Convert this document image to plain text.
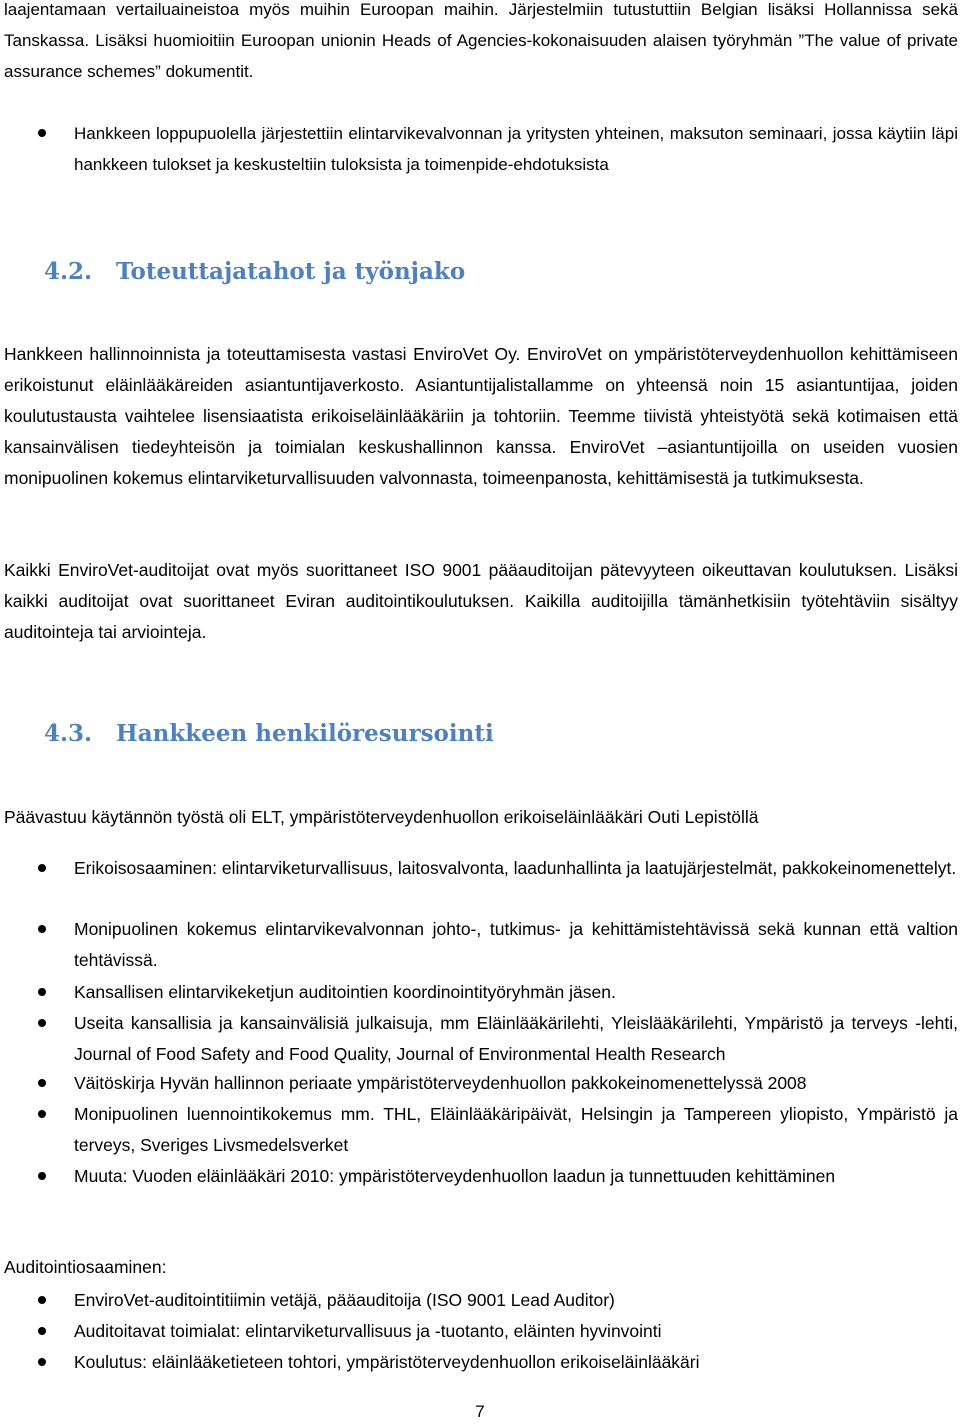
laajentamaan vertailuaineistoa myös muihin Euroopan maihin. Järjestelmiin tutustuttiin Belgian lisäksi Hollannissa sekä Tanskassa. Lisäksi huomioitiin Euroopan unionin Heads of Agencies-kokonaisuuden alaisen työryhmän ”The value of private assurance schemes” dokumentit.

Hankkeen loppupuolella järjestettiin elintarvikevalvonnan ja yritysten yhteinen, maksuton seminaari, jossa käytiin läpi hankkeen tulokset ja keskusteltiin tuloksista ja toimenpide-ehdotuksista

4.2. Toteuttajatahot ja työnjako

Hankkeen hallinnoinnista ja toteuttamisesta vastasi EnviroVet Oy. EnviroVet on ympäristöterveydenhuollon kehittämiseen erikoistunut eläinlääkäreiden asiantuntijaverkosto. Asiantuntijalistallamme on yhteensä noin 15 asiantuntijaa, joiden koulutustausta vaihtelee lisensiaatista erikoiseläinlääkäriin ja tohtoriin. Teemme tiivistä yhteistyötä sekä kotimaisen että kansainvälisen tiedeyhteisön ja toimialan keskushallinnon kanssa. EnviroVet –asiantuntijoilla on useiden vuosien monipuolinen kokemus elintarviketurvallisuuden valvonnasta, toimeenpanosta, kehittämisestä ja tutkimuksesta.

Kaikki EnviroVet-auditoijat ovat myös suorittaneet ISO 9001 pääauditoijan pätevyyteen oikeuttavan koulutuksen. Lisäksi kaikki auditoijat ovat suorittaneet Eviran auditointikoulutuksen. Kaikilla auditoijilla tämänhetkisiin työtehtäviin sisältyy auditointeja tai arviointeja.

4.3. Hankkeen henkilöresursointi

Päävastuu käytännön työstä oli ELT, ympäristöterveydenhuollon erikoiseläinlääkäri Outi Lepistöllä

Erikoisosaaminen: elintarviketurvallisuus, laitosvalvonta, laadunhallinta ja laatujärjestelmät, pakkokeinomenettelyt.

Monipuolinen kokemus elintarvikevalvonnan johto-, tutkimus- ja kehittämistehtävissä sekä kunnan että valtion tehtävissä.

Kansallisen elintarvikeketjun auditointien koordinointityöryhmän jäsen.

Useita kansallisia ja kansainvälisiä julkaisuja, mm Eläinlääkärilehti, Yleislääkärilehti, Ympäristö ja terveys -lehti, Journal of Food Safety and Food Quality, Journal of Environmental Health Research

Väitöskirja Hyvän hallinnon periaate ympäristöterveydenhuollon pakkokeinomenettelyssä 2008

Monipuolinen luennointikokemus mm. THL, Eläinlääkäripäivät, Helsingin ja Tampereen yliopisto, Ympäristö ja terveys, Sveriges Livsmedelsverket

Muuta: Vuoden eläinlääkäri 2010: ympäristöterveydenhuollon laadun ja tunnettuuden kehittäminen

Auditointiosaaminen:

EnviroVet-auditointitiimin vetäjä, pääauditoija (ISO 9001 Lead Auditor)

Auditoitavat toimialat: elintarviketurvallisuus ja -tuotanto, eläinten hyvinvointi

Koulutus: eläinlääketieteen tohtori, ympäristöterveydenhuollon erikoiseläinlääkäri

7
